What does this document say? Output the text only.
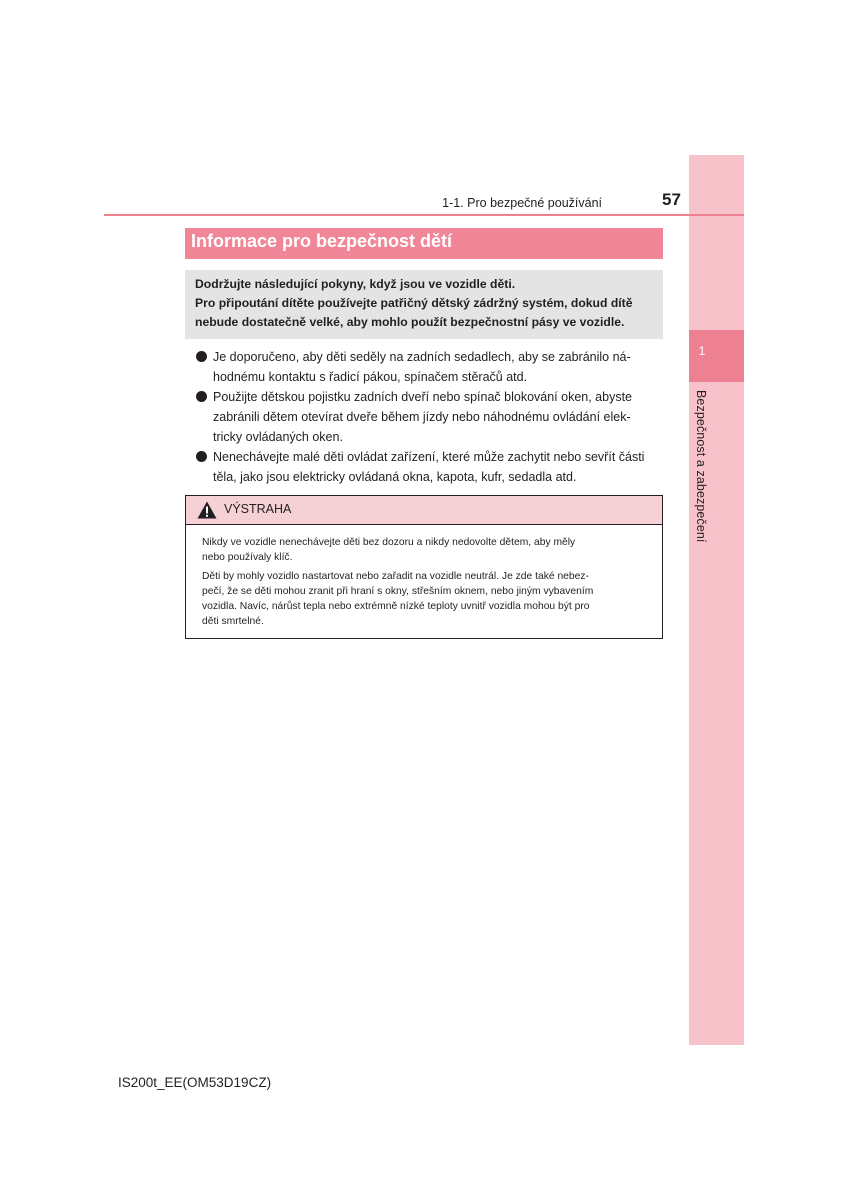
1
Bezpečnost a zabezpečení
1-1. Pro bezpečné používání	57
Informace pro bezpečnost dětí

Dodržujte následující pokyny, když jsou ve vozidle děti.

Pro připoutání dítěte používejte patřičný dětský zádržný systém, dokud dítě

nebude dostatečně velké, aby mohlo použít bezpečnostní pásy ve vozidle.

Je doporučeno, aby děti seděly na zadních sedadlech, aby se zabránilo ná-
hodnému kontaktu s řadicí pákou, spínačem stěračů atd.
Použijte dětskou pojistku zadních dveří nebo spínač blokování oken, abyste
zabránili dětem otevírat dveře během jízdy nebo náhodnému ovládání elek-
tricky ovládaných oken.
Nenechávejte malé děti ovládat zařízení, které může zachytit nebo sevřít části
těla, jako jsou elektricky ovládaná okna, kapota, kufr, sedadla atd.
VÝSTRAHA

Nikdy ve vozidle nenechávejte děti bez dozoru a nikdy nedovolte dětem, aby měly
nebo používaly klíč.

Děti by mohly vozidlo nastartovat nebo zařadit na vozidle neutrál. Je zde také nebez-
pečí, že se děti mohou zranit při hraní s okny, střešním oknem, nebo jiným vybavením
vozidla. Navíc, nárůst tepla nebo extrémně nízké teploty uvnitř vozidla mohou být pro
děti smrtelné.

IS200t_EE(OM53D19CZ)
